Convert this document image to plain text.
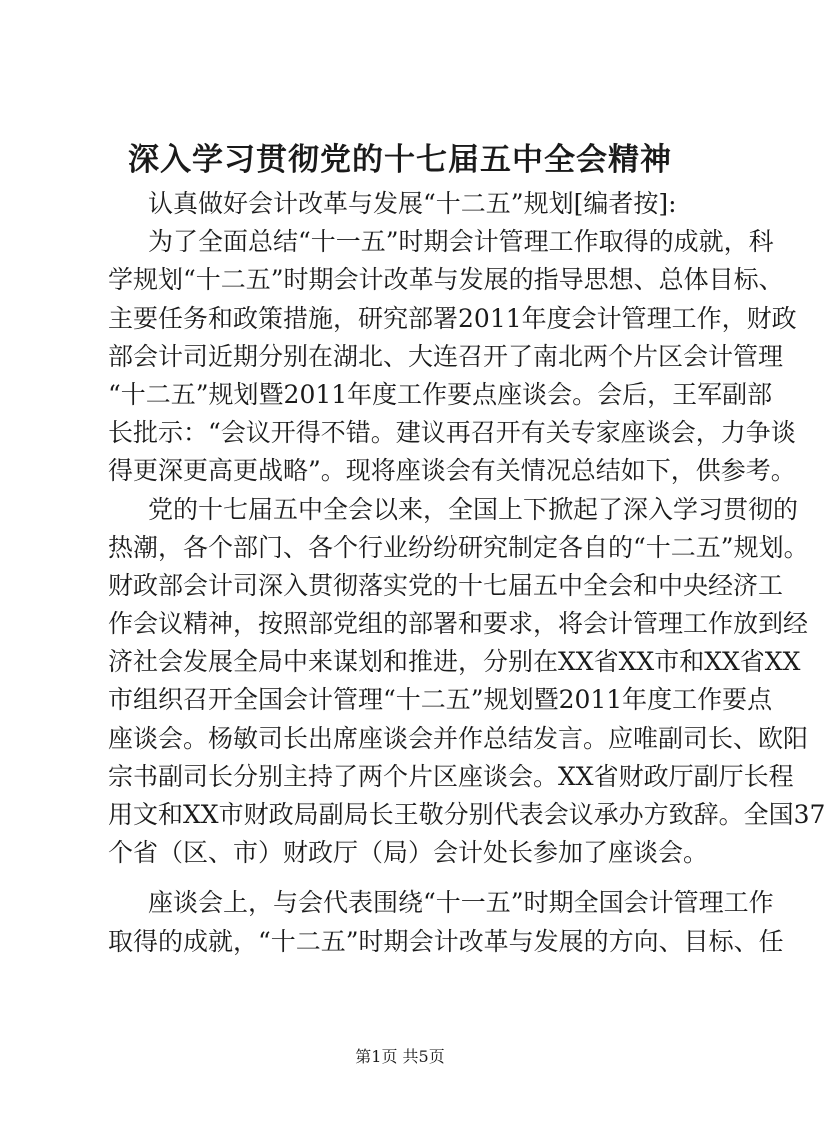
深入学习贯彻党的十七届五中全会精神
认真做好会计改革与发展“十二五”规划[编者按]:
为了全面总结“十一五”时期会计管理工作取得的成就，科
学规划“十二五”时期会计改革与发展的指导思想、总体目标、
主要任务和政策措施，研究部署2011年度会计管理工作，财政
部会计司近期分别在湖北、大连召开了南北两个片区会计管理
“十二五”规划暨2011年度工作要点座谈会。会后，王军副部
长批示：“会议开得不错。建议再召开有关专家座谈会，力争谈
得更深更高更战略”。现将座谈会有关情况总结如下，供参考。
党的十七届五中全会以来，全国上下掀起了深入学习贯彻的
热潮，各个部门、各个行业纷纷研究制定各自的“十二五”规划。
财政部会计司深入贯彻落实党的十七届五中全会和中央经济工
作会议精神，按照部党组的部署和要求，将会计管理工作放到经
济社会发展全局中来谋划和推进，分别在XX省XX市和XX省XX
市组织召开全国会计管理“十二五”规划暨2011年度工作要点
座谈会。杨敏司长出席座谈会并作总结发言。应唯副司长、欧阳
宗书副司长分别主持了两个片区座谈会。XX省财政厅副厅长程
用文和XX市财政局副局长王敬分别代表会议承办方致辞。全国37
个省（区、市）财政厅（局）会计处长参加了座谈会。
座谈会上，与会代表围绕“十一五”时期全国会计管理工作
取得的成就，“十二五”时期会计改革与发展的方向、目标、任
第1页 共5页
